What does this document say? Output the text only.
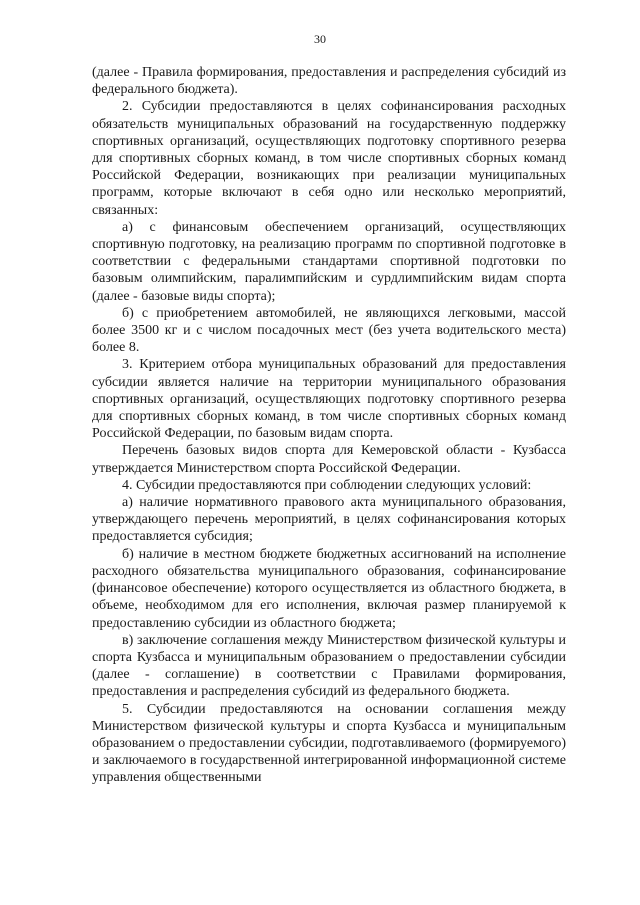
30

(далее - Правила формирования, предоставления и распределения субсидий из федерального бюджета).

2. Субсидии предоставляются в целях софинансирования расходных обязательств муниципальных образований на государственную поддержку спортивных организаций, осуществляющих подготовку спортивного резерва для спортивных сборных команд, в том числе спортивных сборных команд Российской Федерации, возникающих при реализации муниципальных программ, которые включают в себя одно или несколько мероприятий, связанных:

а) с финансовым обеспечением организаций, осуществляющих спортивную подготовку, на реализацию программ по спортивной подготовке в соответствии с федеральными стандартами спортивной подготовки по базовым олимпийским, паралимпийским и сурдлимпийским видам спорта (далее - базовые виды спорта);

б) с приобретением автомобилей, не являющихся легковыми, массой более 3500 кг и с числом посадочных мест (без учета водительского места) более 8.

3. Критерием отбора муниципальных образований для предоставления субсидии является наличие на территории муниципального образования спортивных организаций, осуществляющих подготовку спортивного резерва для спортивных сборных команд, в том числе спортивных сборных команд Российской Федерации, по базовым видам спорта.

Перечень базовых видов спорта для Кемеровской области - Кузбасса утверждается Министерством спорта Российской Федерации.

4. Субсидии предоставляются при соблюдении следующих условий:

а) наличие нормативного правового акта муниципального образования, утверждающего перечень мероприятий, в целях софинансирования которых предоставляется субсидия;

б) наличие в местном бюджете бюджетных ассигнований на исполнение расходного обязательства муниципального образования, софинансирование (финансовое обеспечение) которого осуществляется из областного бюджета, в объеме, необходимом для его исполнения, включая размер планируемой к предоставлению субсидии из областного бюджета;

в) заключение соглашения между Министерством физической культуры и спорта Кузбасса и муниципальным образованием о предоставлении субсидии (далее - соглашение) в соответствии с Правилами формирования, предоставления и распределения субсидий из федерального бюджета.

5. Субсидии предоставляются на основании соглашения между Министерством физической культуры и спорта Кузбасса и муниципальным образованием о предоставлении субсидии, подготавливаемого (формируемого) и заключаемого в государственной интегрированной информационной системе управления общественными
